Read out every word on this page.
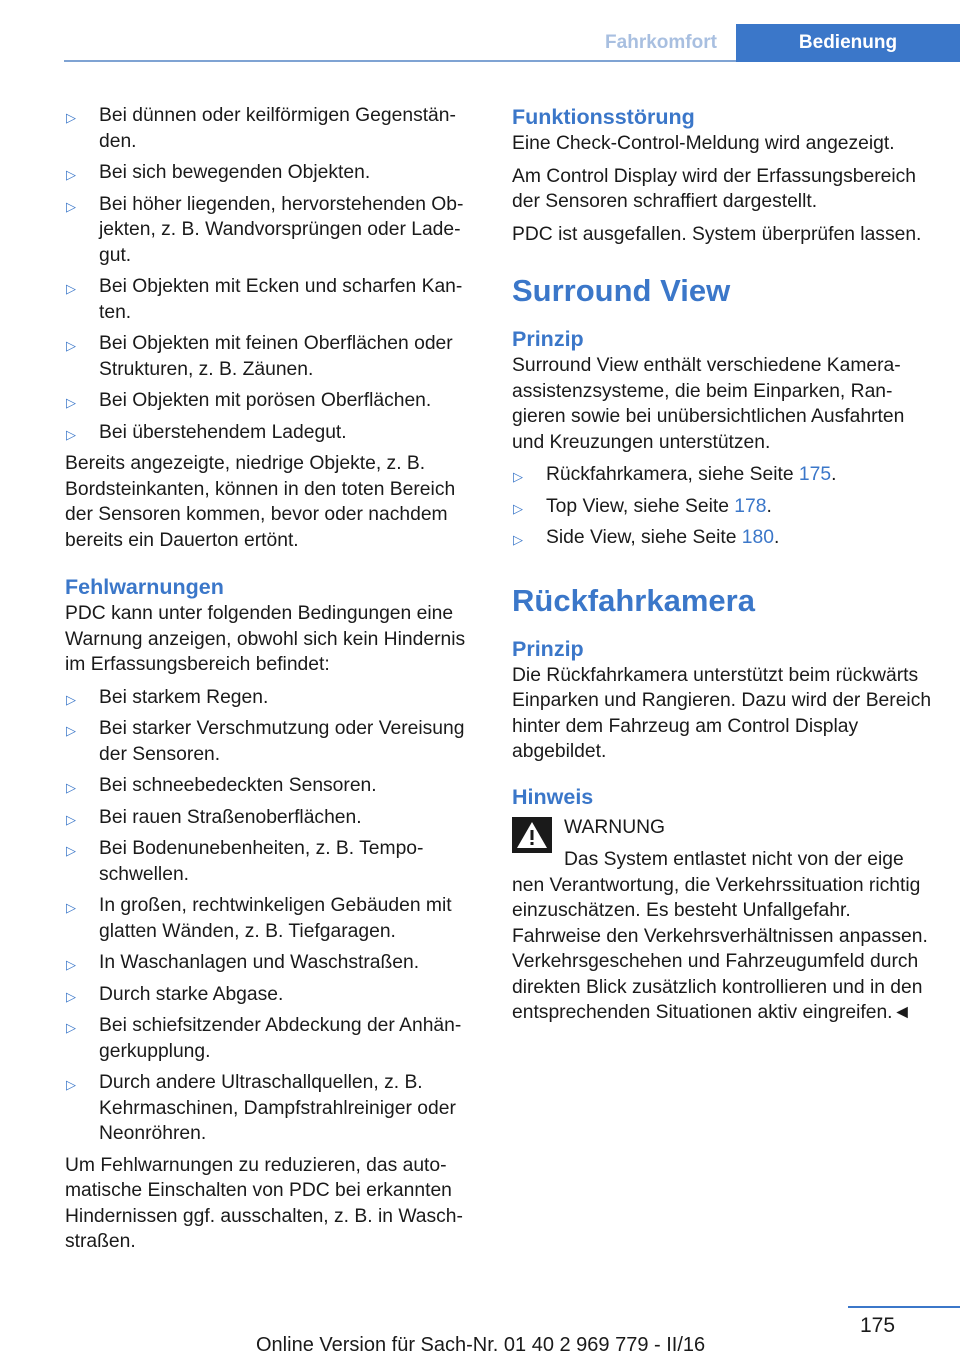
Fahrkomfort	Bedienung
▷ Bei dünnen oder keilförmigen Gegenständen.
▷ Bei sich bewegenden Objekten.
▷ Bei höher liegenden, hervorstehenden Objekten, z. B. Wandvorsprüngen oder Ladegut.
▷ Bei Objekten mit Ecken und scharfen Kanten.
▷ Bei Objekten mit feinen Oberflächen oder Strukturen, z. B. Zäunen.
▷ Bei Objekten mit porösen Oberflächen.
▷ Bei überstehendem Ladegut.

Bereits angezeigte, niedrige Objekte, z. B. Bordsteinkanten, können in den toten Bereich der Sensoren kommen, bevor oder nachdem bereits ein Dauerton ertönt.

Fehlwarnungen

PDC kann unter folgenden Bedingungen eine Warnung anzeigen, obwohl sich kein Hindernis im Erfassungsbereich befindet:

▷ Bei starkem Regen.
▷ Bei starker Verschmutzung oder Vereisung der Sensoren.
▷ Bei schneebedeckten Sensoren.
▷ Bei rauen Straßenoberflächen.
▷ Bei Bodenunebenheiten, z. B. Temposchwellen.
▷ In großen, rechtwinkeligen Gebäuden mit glatten Wänden, z. B. Tiefgaragen.
▷ In Waschanlagen und Waschstraßen.
▷ Durch starke Abgase.
▷ Bei schiefsitzender Abdeckung der Anhängerkupplung.
▷ Durch andere Ultraschallquellen, z. B. Kehrmaschinen, Dampfstrahlreiniger oder Neonröhren.

Um Fehlwarnungen zu reduzieren, das automatische Einschalten von PDC bei erkannten Hindernissen ggf. ausschalten, z. B. in Waschstraßen.

Funktionsstörung

Eine Check-Control-Meldung wird angezeigt.

Am Control Display wird der Erfassungsbereich der Sensoren schraffiert dargestellt.

PDC ist ausgefallen. System überprüfen lassen.

Surround View
Prinzip

Surround View enthält verschiedene Kameraassistenzsysteme, die beim Einparken, Rangieren sowie bei unübersichtlichen Ausfahrten und Kreuzungen unterstützen.

▷ Rückfahrkamera, siehe Seite 175.
▷ Top View, siehe Seite 178.
▷ Side View, siehe Seite 180.
Rückfahrkamera
Prinzip

Die Rückfahrkamera unterstützt beim rückwärts Einparken und Rangieren. Dazu wird der Bereich hinter dem Fahrzeug am Control Display abgebildet.

Hinweis
WARNUNG
Das System entlastet nicht von der eige
nen Verantwortung, die Verkehrssituation richtig einzuschätzen. Es besteht Unfallgefahr. Fahrweise den Verkehrsverhältnissen anpassen. Verkehrsgeschehen und Fahrzeugumfeld durch direkten Blick zusätzlich kontrollieren und in den entsprechenden Situationen aktiv eingreifen.◄
175
Online Version für Sach-Nr. 01 40 2 969 779 - II/16
